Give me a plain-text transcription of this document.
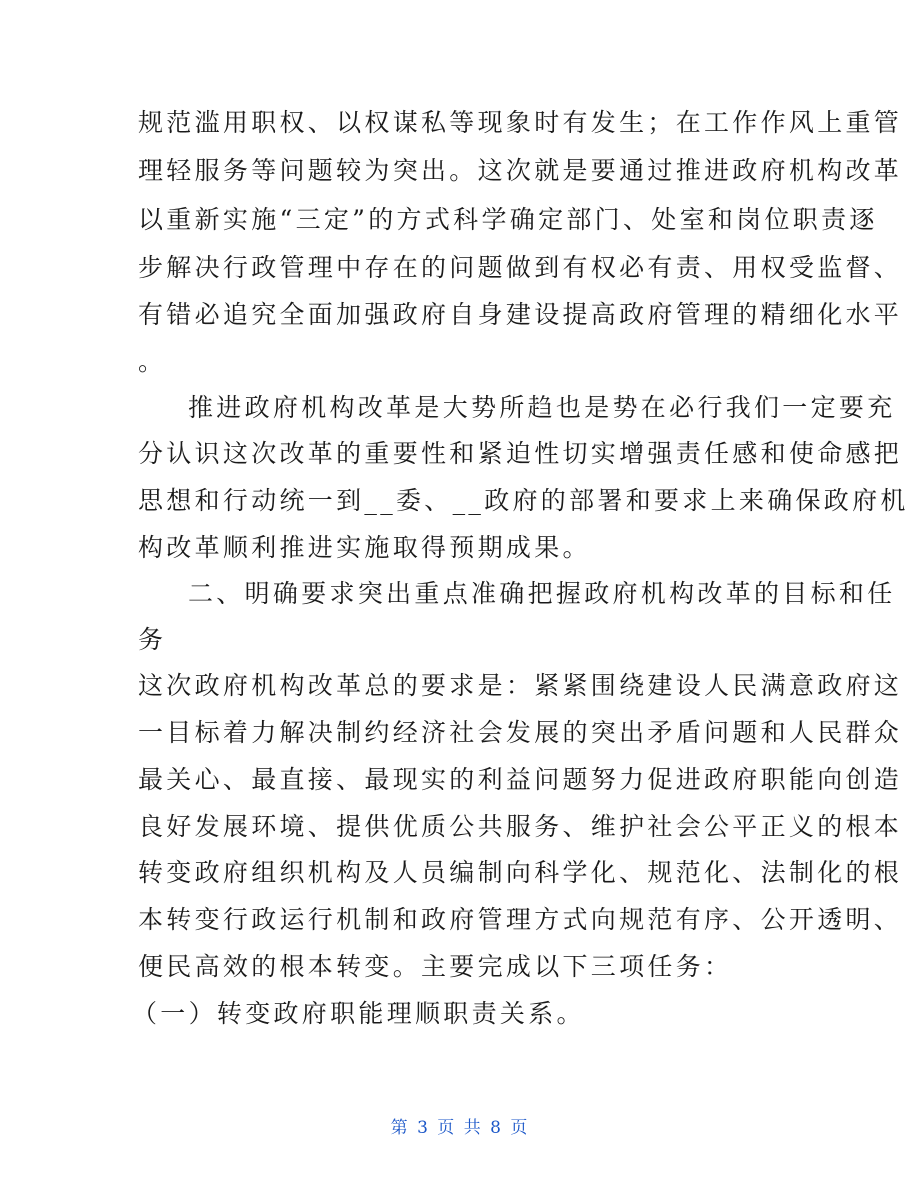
规范滥用职权、以权谋私等现象时有发生；在工作作风上重管
理轻服务等问题较为突出。这次就是要通过推进政府机构改革
以重新实施“三定”的方式科学确定部门、处室和岗位职责逐
步解决行政管理中存在的问题做到有权必有责、用权受监督、
有错必追究全面加强政府自身建设提高政府管理的精细化水平
。
推进政府机构改革是大势所趋也是势在必行我们一定要充
分认识这次改革的重要性和紧迫性切实增强责任感和使命感把
思想和行动统一到__委、__政府的部署和要求上来确保政府机
构改革顺利推进实施取得预期成果。
二、明确要求突出重点准确把握政府机构改革的目标和任
务
这次政府机构改革总的要求是：紧紧围绕建设人民满意政府这
一目标着力解决制约经济社会发展的突出矛盾问题和人民群众
最关心、最直接、最现实的利益问题努力促进政府职能向创造
良好发展环境、提供优质公共服务、维护社会公平正义的根本
转变政府组织机构及人员编制向科学化、规范化、法制化的根
本转变行政运行机制和政府管理方式向规范有序、公开透明、
便民高效的根本转变。主要完成以下三项任务：
（一）转变政府职能理顺职责关系。
第 3 页 共 8 页
